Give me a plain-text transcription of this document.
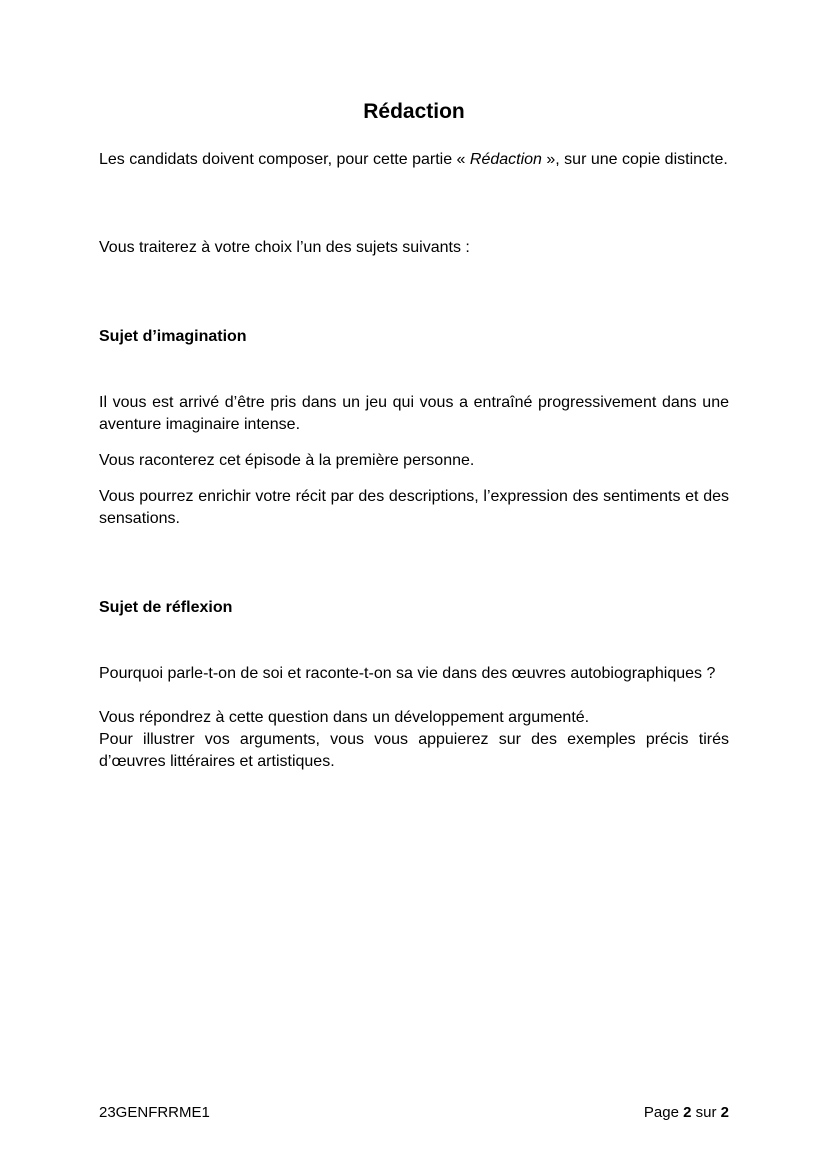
Rédaction

Les candidats doivent composer, pour cette partie « Rédaction », sur une copie distincte.

Vous traiterez à votre choix l’un des sujets suivants :

Sujet d’imagination

Il vous est arrivé d’être pris dans un jeu qui vous a entraîné progressivement dans une aventure imaginaire intense.

Vous raconterez cet épisode à la première personne.

Vous pourrez enrichir votre récit par des descriptions, l’expression des sentiments et des sensations.

Sujet de réflexion

Pourquoi parle-t-on de soi et raconte-t-on sa vie dans des œuvres autobiographiques ?

Vous répondrez à cette question dans un développement argumenté.

Pour illustrer vos arguments, vous vous appuierez sur des exemples précis tirés d’œuvres littéraires et artistiques.

23GENFRRME1	Page 2 sur 2
